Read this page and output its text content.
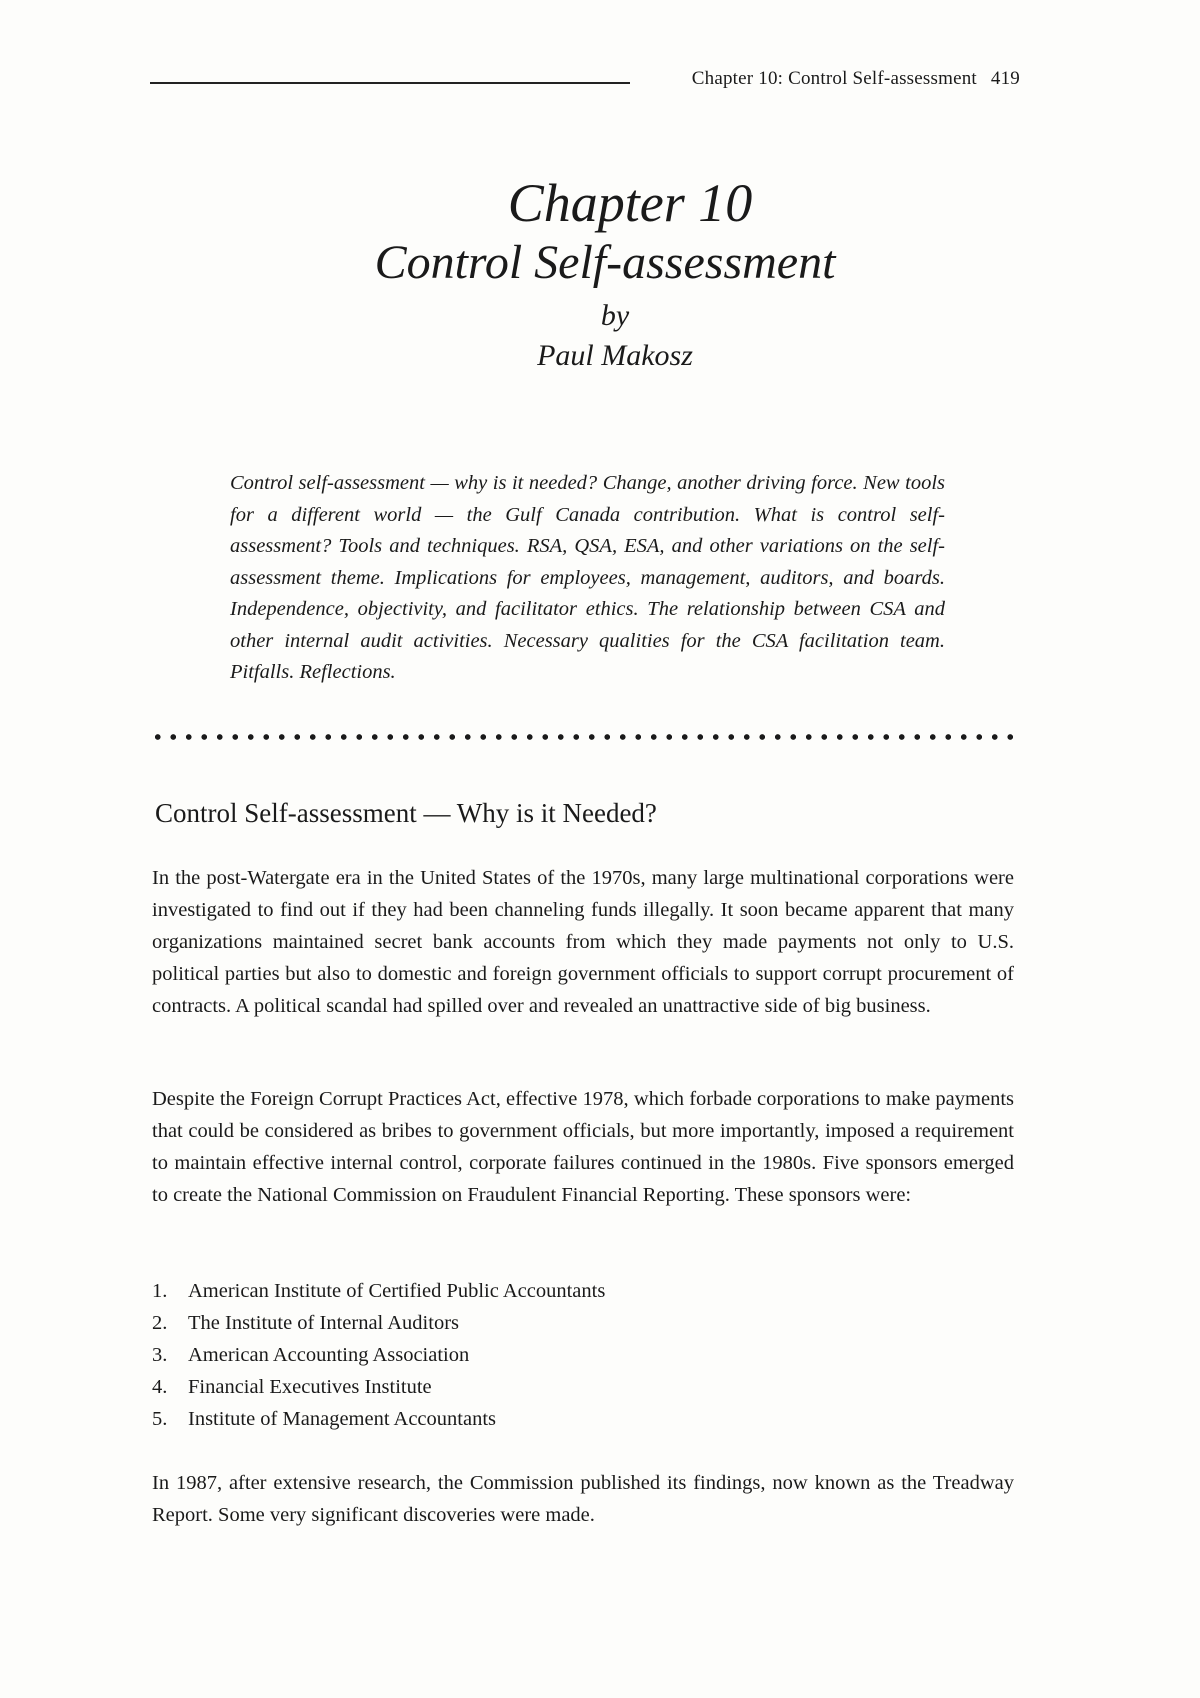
Chapter 10: Control Self-assessment 419
Chapter 10
Control Self-assessment
by
Paul Makosz
Control self-assessment — why is it needed? Change, another driving force. New tools for a different world — the Gulf Canada contribution. What is control self-assessment? Tools and techniques. RSA, QSA, ESA, and other variations on the self-assessment theme. Implications for employees, management, auditors, and boards. Independence, objectivity, and facilitator ethics. The relationship between CSA and other internal audit activities. Necessary qualities for the CSA facilitation team. Pitfalls. Reflections.
Control Self-assessment — Why is it Needed?

In the post-Watergate era in the United States of the 1970s, many large multinational corporations were investigated to find out if they had been channeling funds illegally. It soon became apparent that many organizations maintained secret bank accounts from which they made payments not only to U.S. political parties but also to domestic and foreign government officials to support corrupt procurement of contracts. A political scandal had spilled over and revealed an unattractive side of big business.

Despite the Foreign Corrupt Practices Act, effective 1978, which forbade corporations to make payments that could be considered as bribes to government officials, but more importantly, imposed a requirement to maintain effective internal control, corporate failures continued in the 1980s. Five sponsors emerged to create the National Commission on Fraudulent Financial Reporting. These sponsors were:

1. American Institute of Certified Public Accountants
2. The Institute of Internal Auditors
3. American Accounting Association
4. Financial Executives Institute
5. Institute of Management Accountants

In 1987, after extensive research, the Commission published its findings, now known as the Treadway Report. Some very significant discoveries were made.
